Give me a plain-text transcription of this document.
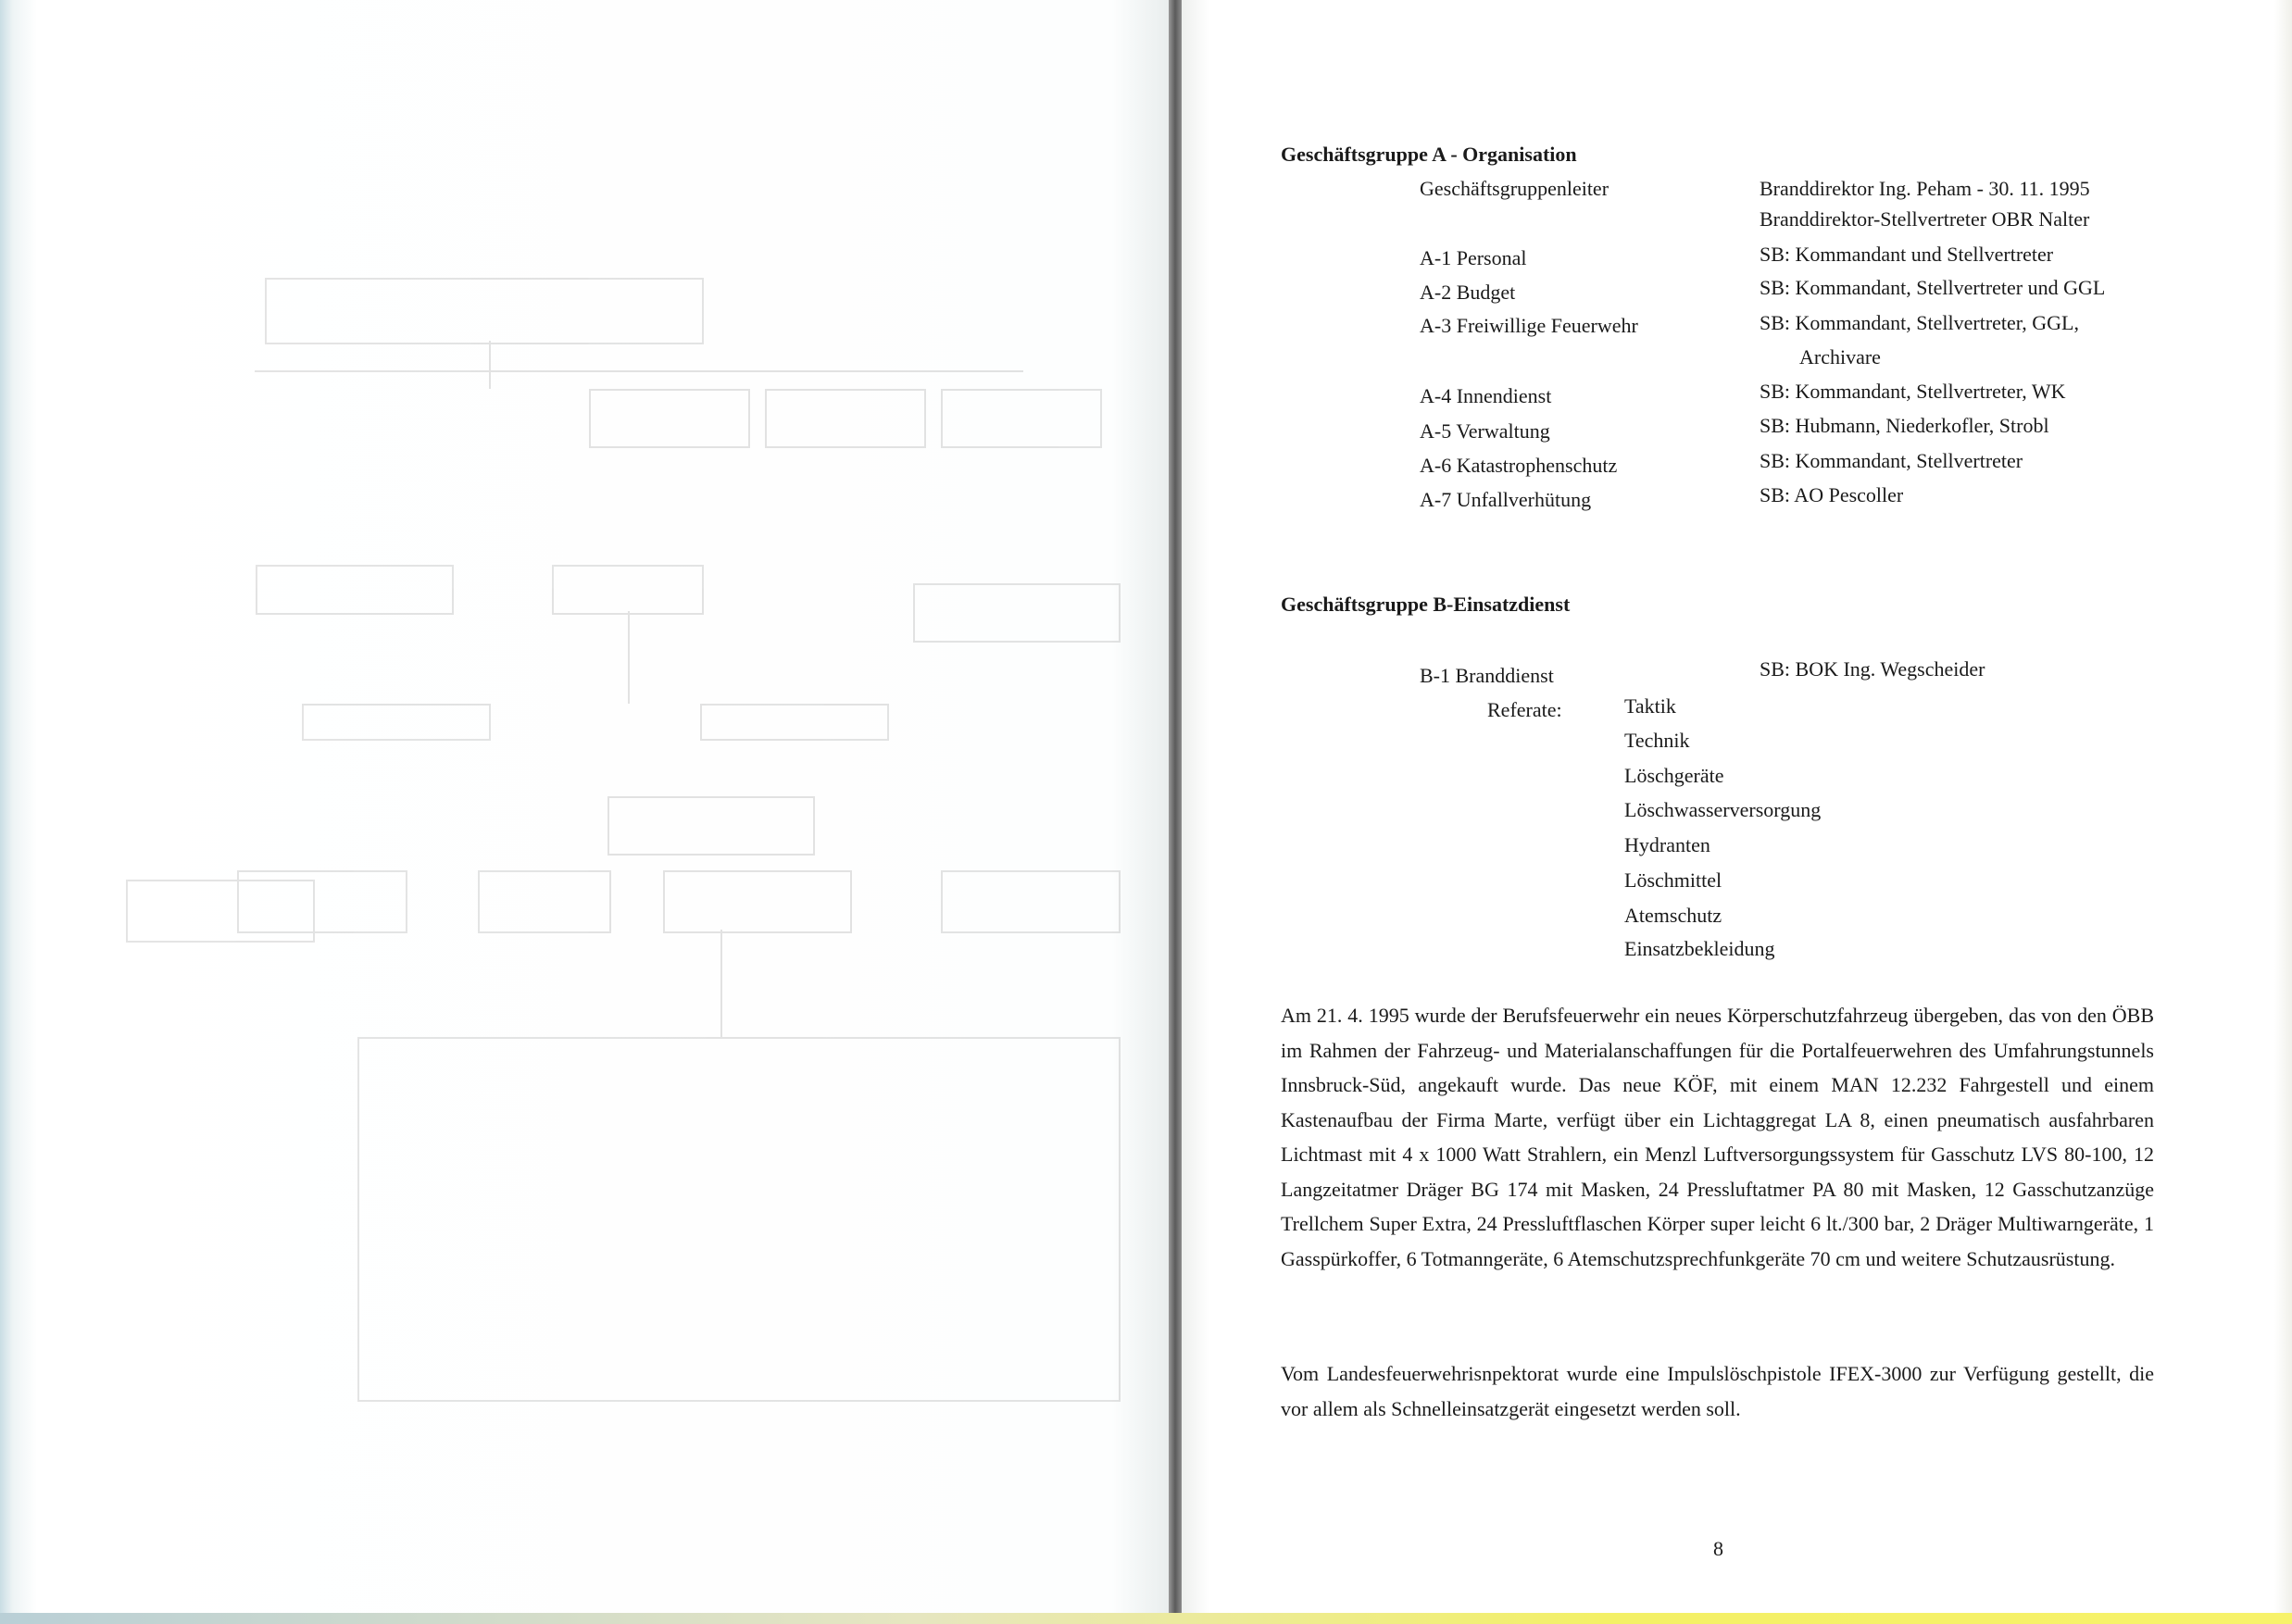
Geschäftsgruppe A - Organisation
Geschäftsgruppenleiter	Branddirektor Ing. Peham - 30. 11. 1995
Branddirektor-Stellvertreter OBR Nalter
A-1 Personal	SB: Kommandant und Stellvertreter
A-2 Budget	SB: Kommandant, Stellvertreter und GGL
A-3 Freiwillige Feuerwehr	SB: Kommandant, Stellvertreter, GGL,
Archivare
A-4 Innendienst	SB: Kommandant, Stellvertreter, WK
A-5 Verwaltung	SB: Hubmann, Niederkofler, Strobl
A-6 Katastrophenschutz	SB: Kommandant, Stellvertreter
A-7 Unfallverhütung	SB: AO Pescoller
Geschäftsgruppe B-Einsatzdienst
B-1 Branddienst	SB: BOK Ing. Wegscheider
Referate:	Taktik
Technik
Löschgeräte
Löschwasserversorgung
Hydranten
Löschmittel
Atemschutz
Einsatzbekleidung
Am 21. 4. 1995 wurde der Berufsfeuerwehr ein neues Körperschutzfahrzeug übergeben, das von den ÖBB im Rahmen der Fahrzeug- und Materialanschaffungen für die Portalfeuerwehren des Umfahrungstunnels Innsbruck-Süd, angekauft wurde. Das neue KÖF, mit einem MAN 12.232 Fahrgestell und einem Kastenaufbau der Firma Marte, verfügt über ein Lichtaggregat LA 8, einen pneumatisch ausfahrbaren Lichtmast mit 4 x 1000 Watt Strahlern, ein Menzl Luftversorgungssystem für Gasschutz LVS 80-100, 12 Langzeitatmer Dräger BG 174 mit Masken, 24 Pressluftatmer PA 80 mit Masken, 12 Gasschutzanzüge Trellchem Super Extra, 24 Pressluftflaschen Körper super leicht 6 lt./300 bar, 2 Dräger Multiwarngeräte, 1 Gasspürkoffer, 6 Totmanngeräte, 6 Atemschutzsprechfunkgeräte 70 cm und weitere Schutzausrüstung.
Vom Landesfeuerwehrisnpektorat wurde eine Impulslöschpistole IFEX-3000 zur Verfügung gestellt, die vor allem als Schnelleinsatzgerät eingesetzt werden soll.
8
